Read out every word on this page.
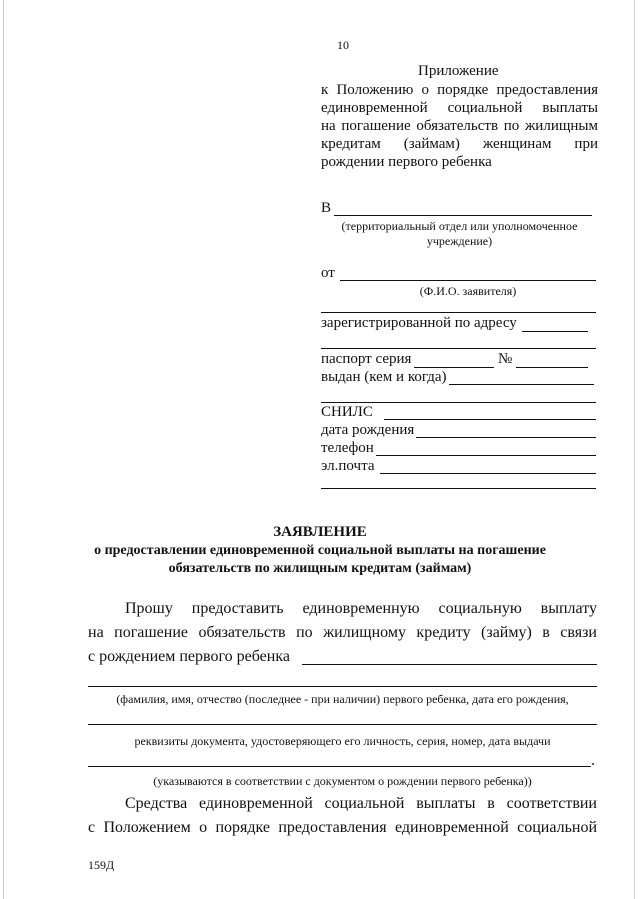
10
Приложение
к Положению о порядке предоставления
единовременной социальной выплаты
на погашение обязательств по жилищным
кредитам (займам) женщинам при
рождении первого ребенка
В
(территориальный отдел или уполномоченное
учреждение)
от
(Ф.И.О. заявителя)
зарегистрированной по адресу
паспорт серия	№
выдан (кем и когда)
СНИЛС
дата рождения
телефон
эл.почта
ЗАЯВЛЕНИЕ
о предоставлении единовременной социальной выплаты на погашение
обязательств по жилищным кредитам (займам)
Прошу предоставить единовременную социальную выплату
на погашение обязательств по жилищному кредиту (займу) в связи
с рождением первого ребенка
(фамилия, имя, отчество (последнее - при наличии) первого ребенка, дата его рождения,
реквизиты документа, удостоверяющего его личность, серия, номер, дата выдачи
.
(указываются в соответствии с документом о рождении первого ребенка))
Средства единовременной социальной выплаты в соответствии
с Положением о порядке предоставления единовременной социальной
159Д
